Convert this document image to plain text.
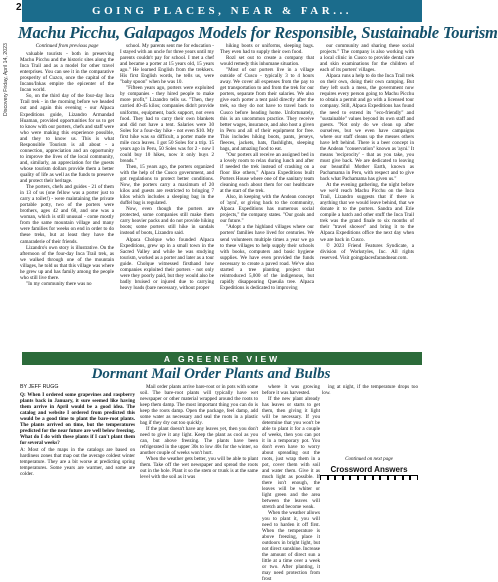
Discovery Friday, April 14, 2023
2	GOING PLACES, NEAR & FAR...
Machu Picchu, Galapagos Models for Responsible, Sustainable Tourism

Continued from previous page

valuable tourists - both in preserving Machu Picchu and the historic sites along the Inca Trail and as a model for other travel enterprises. You can see it in the comparative prosperity of Cuzco, once the capital of the Incans/Inkas empire the epicenter of the Incan world.

So, on the third day of the four-day Inca Trail trek - in the morning before we headed out and again this evening - our Alpaca Expeditions guide, Lizandro Armandad Huaman, provided opportunities for us to get to know with our porters, chefs and staff were who were making this experience possible, and they to know us. This is what Responsible Tourism is all about - a connection, appreciation and an opportunity to improve the lives of the local community, and, similarly, an appreciation for the guests whose tourism dollars provide them a better quality of life as well as the funds to preserve and protect their heritage.

The porters, chefs and guides - 21 of them in 13 of us (one fellow was a porter just to carry a toilet!) - were maintaining the private portable potty, two of the porters were brothers, ages 42 and 68, and one was a woman, which is still unusual - come mostly from the same mountain village and many were families for weeks on end in order to do these treks, but at least they have the camaraderie of their friends.

Lizandro's own story is illustrative. On the afternoon of the four-day Inca Trail trek, as we walked through one of the mountain villages, he told us that this village was where he grew up and has family among the people who still live there.

"In my community there was no

school. My parents sent me for education - I stayed with an uncle for three years until my parents couldn't pay for school. I met a chef and became a porter at 15 years old, 15 years ago." He learned English from the trekkers. His first English words, he tells us, were "baby spoon" when he was 10.

"Fifteen years ago, porters were exploited by companies - they hired people to make more profit," Lizandro tells us. "Then, they carried 40-45 kilos; companies didn't provide uniforms, equipment, back support, not even food. They had to carry their own blankets and did not have a tent. Salaries were 30 Soles for a four-day hike - not even $10. My first hike was so difficult, a porter made me mile coca leaves. I got 50 Soles for a trip. 15 years ago in Peru, 50 Soles was for 2 - now I could buy 10 hikes, now it only buys 2 breads."

Then, 15 years ago, the porters organized with the help of the Cusco government, and got regulations to protect better conditions. Now, the porters carry a maximum of 20 kilos and guests are restricted to bringing 7 kilos which includes a sleeping bag in the duffel bag is regulated.

Now, even though the porters are protected, some companies still make them carry heavier packs and do not provide hiking boots; some porters still hike in sandals instead of boots, Lizandro said.

Alpaca Cholque who founded Alpaca Expeditions, grew up in a small town in the Sacred Valley and while he was studying tourism, worked as a porter and later as a tour guide. Cholque witnessed firsthand how companies exploited their porters - not only were they poorly paid, but they would also be badly bruised or injured due to carrying heavy loads (bare necessary, without proper

hiking boots or uniforms, sleeping bags. They even had to supply their own food.

Rozl set out to create a company that would remedy this inhumane situation.

"Most of our porters live in a village outside of Cusco - typically 3 to 4 hours away. We cover all expenses from the pay to get transportation to and from the trek for our porters, separate from their salaries. We also give each porter a tent paid directly after the trek, so they do not have to travel back to Cusco before heading home. Unfortunately, this is an uncommon practice. They receive better wages, insurance, and also host a given in Peru and all of their equipment for free. This includes hiking boots, pants, jerseys, fleeces, jackets, hats, flashlights, sleeping bags, and amazing food to eat.

"Our porters all receive an assigned bed in a lovely room to relax during lunch and after if needed the trek instead of crashing on a floor like others," Alpaca Expeditions built Porters House where one of the sanitary team cleaning each about them for our healthcare at the start of the trek.

Also, in keeping with the Andean concept of 'ayni', or giving back to the community, Alpaca Expeditions has numerous social projects," the company states. "Our goals and our future."

"Adopt a the highland villages where our porters' families have lived for centuries. We send volunteers multiple times a year we go to these villages to help supply their schools with books, computers and basic hygiene supplies. We have even provided the funds necessary to create a paved road. We've also started a tree planting project that reintroduced 5,000 of the indigenous, but rapidly disappearing Queuña tree. Alpaca Expeditions is dedicated to improving

our community and sharing these social projects." The company is also working with a local clinic in Cusco to provide dental care and skin examinations for the children of each of its porters' villages.

Alpaca runs a help to do the Inca Trail trek on their own, doing their own camping. But they left such a mess, the government now requires every person going to Machu Picchu to obtain a permit and go with a licensed tour company. Still, Alpaca Expeditions has found the need to extend its "eco-friendly" and "sustainable" values beyond its own staff and guests. "Not only do we clean up after ourselves, but we even have campaigns where our staff cleans up the messes others have left behind. There is a beer concept in the Andean "conservation" known as 'ayni.' It means 'reciprocity' - that as you take, you must give back. We are dedicated to leaving our beautiful Mother Earth, known as Pachamama in Peru, with respect and to give back what Pachamama has given us."

At the evening gathering, the night before we we'd reach Machu Picchu on the Inca Trail, Lizandro suggests that if there is anything that we would leave behind, that we donate it to the porters. Sandra and Erie compile a hatch and other stuff the Inca Trail trek was the grand finale to six months of their "travel shower" and bring it to the Alpaca Expeditions office the next day when we are back in Cusco.

© 2023 Friend Features Syndicate, a division of Workstyles, Inc. All rights reserved. Visit goingplacesfarandnear.com.

A GREENER VIEW
Dormant Mail Order Plants and Bulbs
BY JEFF RUGG

Q: When I ordered some grapevines and raspberry plants back in January, it sure seemed like having them arrive in April would be a good idea. The catalog and website I ordered from predicted this would be a good time to plant the bare-root plants. The plants arrived on time, but the temperatures predicted for the near future are well below freezing. What do I do with these plants if I can't plant them for several weeks?

A: Most of the maps in the catalogs are based on hardiness zones that map out the average coldest winter temperature. They are a bit worse at predicting spring temperatures. Some years are warmer, and some are colder.

Mail order plants arrive bare-root or in pots with some soil. The bare-root plants will typically have wet newspaper or other material wrapped around the roots to keep them damp. The most important thing you can do is keep the roots damp. Open the package, feel damp, add some water as necessary and seal the roots in a plastic bag if they dry out too quickly.

If the plant doesn't have any leaves yet, then you don't need to give it any light. Keep the plant as cool as you can, but above freezing. The plants have been refrigerated in the upper 30s to low 40s for the winter, so another couple of weeks won't hurt.

When the weather gets better, you will be able to plant them. Take off the wet newspaper and spread the roots out in the hole. Plant it so the stem or trunk is at the same level with the soil as it was

where it was growing before it was harvested.

If the new plant already has leaves or starts to get them, then giving it light will be necessary. If you determine that you won't be able to plant it for a couple of weeks, then you can pot it in a temporary pot. You don't even have to worry about spreading out the roots, just wrap them in a pot, cover them with soil and water them. Give it as much light as possible. If there isn't enough, the leaves will be whiter or light green and the area between the leaves will stretch and become weak.

When the weather allows you to plant it, you will need to harden it off first. When the temperature is above freezing, place it outdoors in bright light, but not direct sunshine. Increase the amount of direct sun a little at a time over a week or two. After planting, it may need protection from frost

ing at night, if the temperature drops too low.

Continued on next page
Crossword Answers
